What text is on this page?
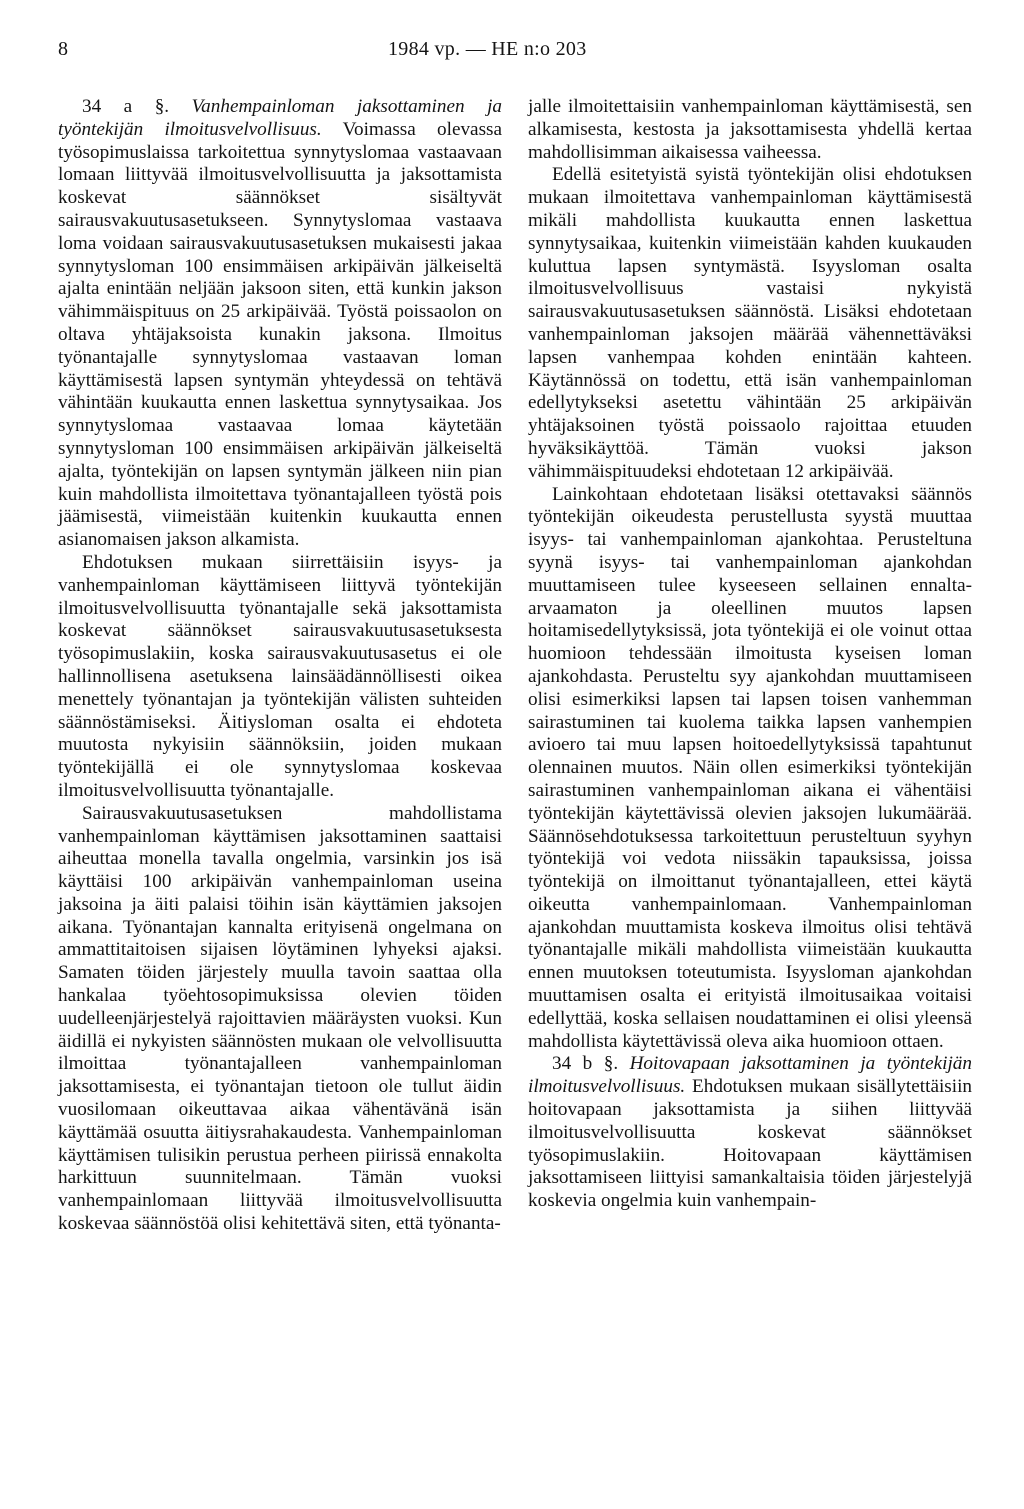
8	1984 vp. — HE n:o 203

34 a §. Vanhempainloman jaksottaminen ja työntekijän ilmoitusvelvollisuus. Voimassa olevassa työsopimuslaissa tarkoitettua synnytyslomaa vastaavaan lomaan liittyvää ilmoitusvelvollisuutta ja jaksottamista koskevat säännökset sisältyvät sairausvakuutusasetukseen. Synnytyslomaa vastaava loma voidaan sairausvakuutusasetuksen mukaisesti jakaa synnytysloman 100 ensimmäisen arkipäivän jälkeiseltä ajalta enintään neljään jaksoon siten, että kunkin jakson vähimmäispituus on 25 arkipäivää. Työstä poissaolon on oltava yhtäjaksoista kunakin jaksona. Ilmoitus työnantajalle synnytyslomaa vastaavan loman käyttämisestä lapsen syntymän yhteydessä on tehtävä vähintään kuukautta ennen laskettua synnytysaikaa. Jos synnytyslomaa vastaavaa lomaa käytetään synnytysloman 100 ensimmäisen arkipäivän jälkeiseltä ajalta, työntekijän on lapsen syntymän jälkeen niin pian kuin mahdollista ilmoitettava työnantajalleen työstä pois jäämisestä, viimeistään kuitenkin kuukautta ennen asianomaisen jakson alkamista.

Ehdotuksen mukaan siirrettäisiin isyys- ja vanhempainloman käyttämiseen liittyvä työntekijän ilmoitusvelvollisuutta työnantajalle sekä jaksottamista koskevat säännökset sairausvakuutusasetuksesta työsopimuslakiin, koska sairausvakuutusasetus ei ole hallinnollisena asetuksena lainsäädännöllisesti oikea menettely työnantajan ja työntekijän välisten suhteiden säännöstämiseksi. Äitiysloman osalta ei ehdoteta muutosta nykyisiin säännöksiin, joiden mukaan työntekijällä ei ole synnytyslomaa koskevaa ilmoitusvelvollisuutta työnantajalle.

Sairausvakuutusasetuksen mahdollistama vanhempainloman käyttämisen jaksottaminen saattaisi aiheuttaa monella tavalla ongelmia, varsinkin jos isä käyttäisi 100 arkipäivän vanhempainloman useina jaksoina ja äiti palaisi töihin isän käyttämien jaksojen aikana. Työnantajan kannalta erityisenä ongelmana on ammattitaitoisen sijaisen löytäminen lyhyeksi ajaksi. Samaten töiden järjestely muulla tavoin saattaa olla hankalaa työehtosopimuksissa olevien töiden uudelleenjärjestelyä rajoittavien määräysten vuoksi. Kun äidillä ei nykyisten säännösten mukaan ole velvollisuutta ilmoittaa työnantajalleen vanhempainloman jaksottamisesta, ei työnantajan tietoon ole tullut äidin vuosilomaan oikeuttavaa aikaa vähentävänä isän käyttämää osuutta äitiysrahakaudesta. Vanhempainloman käyttämisen tulisikin perustua perheen piirissä ennakolta harkittuun suunnitelmaan. Tämän vuoksi vanhempainlomaan liittyvää ilmoitusvelvollisuutta koskevaa säännöstöä olisi kehitettävä siten, että työnanta-

jalle ilmoitettaisiin vanhempainloman käyttämisestä, sen alkamisesta, kestosta ja jaksottamisesta yhdellä kertaa mahdollisimman aikaisessa vaiheessa.

Edellä esitetyistä syistä työntekijän olisi ehdotuksen mukaan ilmoitettava vanhempainloman käyttämisestä mikäli mahdollista kuukautta ennen laskettua synnytysaikaa, kuitenkin viimeistään kahden kuukauden kuluttua lapsen syntymästä. Isyysloman osalta ilmoitusvelvollisuus vastaisi nykyistä sairausvakuutusasetuksen säännöstä. Lisäksi ehdotetaan vanhempainloman jaksojen määrää vähennettäväksi lapsen vanhempaa kohden enintään kahteen. Käytännössä on todettu, että isän vanhempainloman edellytykseksi asetettu vähintään 25 arkipäivän yhtäjaksoinen työstä poissaolo rajoittaa etuuden hyväksikäyttöä. Tämän vuoksi jakson vähimmäispituudeksi ehdotetaan 12 arkipäivää.

Lainkohtaan ehdotetaan lisäksi otettavaksi säännös työntekijän oikeudesta perustellusta syystä muuttaa isyys- tai vanhempainloman ajankohtaa. Perusteltuna syynä isyys- tai vanhempainloman ajankohdan muuttamiseen tulee kyseeseen sellainen ennalta-arvaamaton ja oleellinen muutos lapsen hoitamisedellytyksissä, jota työntekijä ei ole voinut ottaa huomioon tehdessään ilmoitusta kyseisen loman ajankohdasta. Perusteltu syy ajankohdan muuttamiseen olisi esimerkiksi lapsen tai lapsen toisen vanhemman sairastuminen tai kuolema taikka lapsen vanhempien avioero tai muu lapsen hoitoedellytyksissä tapahtunut olennainen muutos. Näin ollen esimerkiksi työntekijän sairastuminen vanhempainloman aikana ei vähentäisi työntekijän käytettävissä olevien jaksojen lukumäärää. Säännösehdotuksessa tarkoitettuun perusteltuun syyhyn työntekijä voi vedota niissäkin tapauksissa, joissa työntekijä on ilmoittanut työnantajalleen, ettei käytä oikeutta vanhempainlomaan. Vanhempainloman ajankohdan muuttamista koskeva ilmoitus olisi tehtävä työnantajalle mikäli mahdollista viimeistään kuukautta ennen muutoksen toteutumista. Isyysloman ajankohdan muuttamisen osalta ei erityistä ilmoitusaikaa voitaisi edellyttää, koska sellaisen noudattaminen ei olisi yleensä mahdollista käytettävissä oleva aika huomioon ottaen.

34 b §. Hoitovapaan jaksottaminen ja työntekijän ilmoitusvelvollisuus. Ehdotuksen mukaan sisällytettäisiin hoitovapaan jaksottamista ja siihen liittyvää ilmoitusvelvollisuutta koskevat säännökset työsopimuslakiin. Hoitovapaan käyttämisen jaksottamiseen liittyisi samankaltaisia töiden järjestelyjä koskevia ongelmia kuin vanhempain-
